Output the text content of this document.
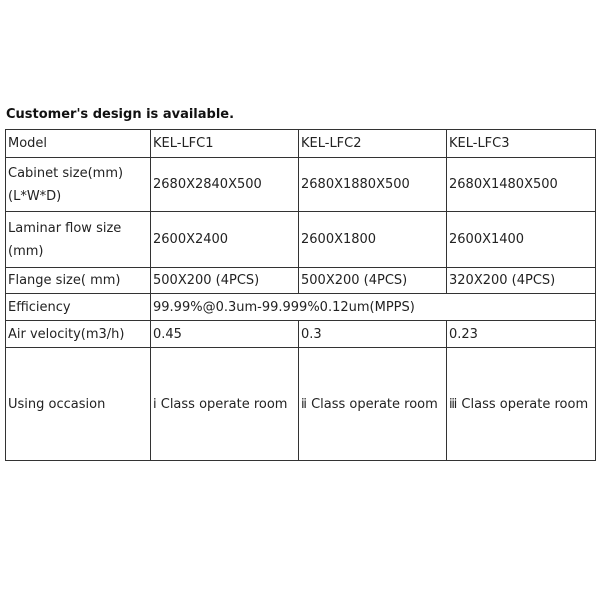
Customer's design is available.
Model	KEL-LFC1	KEL-LFC2	KEL-LFC3

Cabinet size(mm)(L*W*D)	2680X2840X500	2680X1880X500	2680X1480X500

Laminar flow size (mm)	2600X2400	2600X1800	2600X1400
Flange size( mm)	500X200 (4PCS)	500X200 (4PCS)	320X200 (4PCS)
Efficiency	99.99%@0.3um-99.999%0.12um(MPPS)		
Air velocity(m3/h)	0.45	0.3	0.23
Using occasion	ⅰ Class operate room	ⅱ Class operate room	ⅲ Class operate room
